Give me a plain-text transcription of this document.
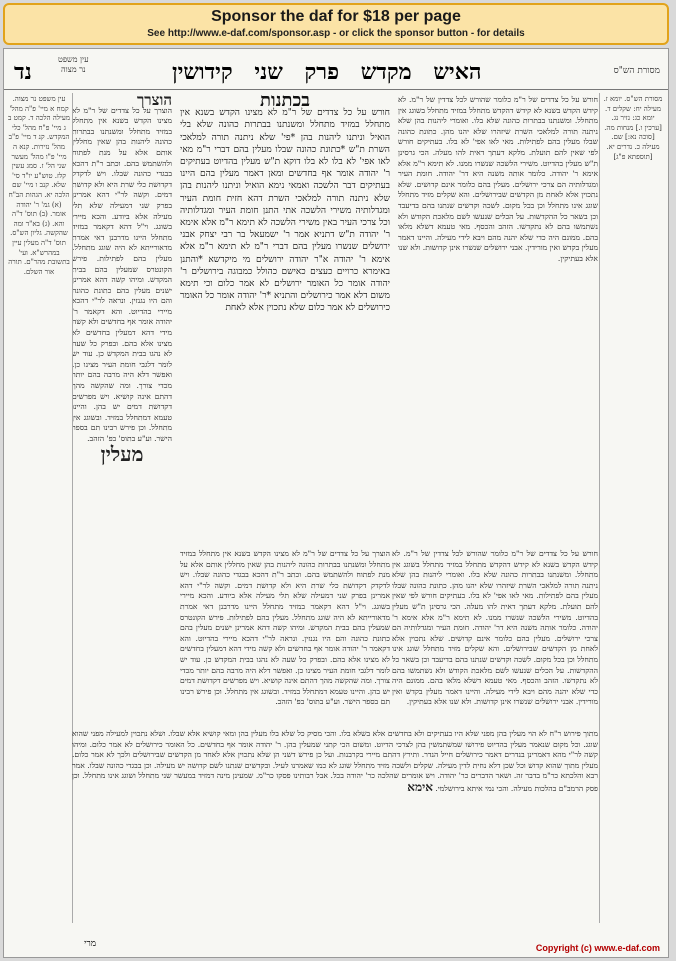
Sponsor the daf for $18 per page
See http://www.e-daf.com/sponsor.asp - or click the sponsor button - for details
מסורת הש"ס
האיש מקדש פרק שני קידושין
עין משפט
נר מצוה
נד
מסורת הש"ס. יומא ז. מעילה יח: שקלים ד. יומא כג: נזיר נג. [ערכין ו.] מנחות מה. [סוכה נא:] שם. מעילה כ. נדרים יא. [תוספתא פ"ג]
חורש על כל צדדים של ר"מ כלומר שהורש לכל צדדין של ר"מ. לא קידש הקדש בשנא לא קידש דהקדש מתחלל במזיד מתחלל בשוגג אין מתחלל. ומשנתנו בבתרות כהונה שלא בלו. ואומרי ליהנות בהן שלא ניתנה תורה למלאכי השרת שיזהרו שלא יהנו מהן. כתונת כהונה שבלו מעלין בהם לפתילות. מאי לאו אפי' לא בלו. בעתיקים חורש לפי שאין להם תועלת. מלקא דעתך דאית להו מעלה. הכי גרסינן ת"ש מעלין בהדיוט. משירי הלשכה שנשרו ממנו. לא תימא ר"מ אלא אימא ר' יהודה. כלומר אותה משנה היא דר' יהודה. חומת העיר ומגדלותיה הם צרכי ירושלים. מעלין בהם כלומר אינם קדושים. שלא נתכוין אלא לאחת מן הקדשים שבירושלים. והא שקלים מזיד מתחלל שוגג אינו מתחלל וכן בכל מקום. לשכה וקדשים שנתנו בהם בדיעבד וכן בשאר כל ההקדשות. על הכלים שנעשו לשם מלאכת הקודש ולא נשתמשו בהם לא נתקדשו. הזהב והכסף. מאי טעמא דשלא מלאו בהם. ממונם היה כדי שלא יהנה מהם ויבא לידי מעילה. והיינו דאמר מעלין בקדש ואין מורידין. אבני ירושלים שנשרו אינן קדושות. ולא שנו אלא בעתיקין.
בכתנות
חורש על כל צדדים של ר"מ לא מצינו הקדש בשנא אין מתחלל במזיד מתחלל ומשנתנו בבתרות כהונה שלא בלי הואיל וניתנו ליהנות בהן *פי' שלא ניתנה תורה למלאכי השרת ת"ש *כתונת כהונה שבלו מעלין בהם דברי ר"מ מאי לאו אפי' לא בלו לא בלו דוקא ת"ש מעלין בהדיוט בעתיקים ר' יהודה אומר אף בחדשים ומאן דאמר מעלין בהם היינו בעתיקים דבר הלשכה ואמאי נימא הואיל וניתנו ליהנות בהן שלא ניתנה תורה למלאכי השרת דהא חזית חומת העיר ומגדלותיה משירי הלשכה אתי התנן חומת העיר ומגדלותיה וכל צרכי העיר באין משירי הלשכה לא תימא ר"מ אלא אימא ר' יהודה ת"ש דתניא אמר ר' ישמעאל בר רבי יצחק אבני ירושלים שנשרו מעלין בהם דברי ר"מ לא תימא ר"מ אלא אימא ר' יהודה א"ר יהודה ירושלים מי מיקדשא *והתנן באימרא כרויים כעצים כאישם כהולל כמבוגה בירושלים ר' יהודה אומר כל האומר ירושלים לא אמר כלום וכי תימא משום דלא אמר כירושלים והתניא *ר' יהודה אומר כל האומר כירושלים לא אמר כלום שלא נתכוין אלא לאחת
הוצרך
הוצרך על כל צדדים של ר"מ לא מצינו הקדש בשנא אין מתחלל במזיד מתחלל ומשנתנו בבתרות כהונה ליהנות בהן שאין מחללין אותם אלא על מנת לפתוח ולהשתמש בהם. וכתב ר"ת דהכא בבגדי כהונה שבלו. ויש לדקדק דקדושת כלי שרת היא ולא קדושת דמים. וקשה לר"י דהא אמרינן בפרק שני דמעילה שלא תלי מעילה אלא ביודע. והכא מיירי בשוגג. וי"ל דהא דקאמר במזיד מתחלל היינו מדרבנן דאי אמרת מדאורייתא לא היה שוגג מתחלל. מעלין בהם לפתילות. פירש הקונטרס שמעלין בהם בבית המקדש. ומיהו קשה דהא אמרינן ישנים מעלין בהם כתונת כהונה והם היו נגנזין. ונראה לר"י דהכא מיירי בהדיוט. והא דקאמר ר' יהודה אומר אף בחדשים ולא קשה מידי דהא דמעלין בחדשים לא מצינו אלא בהם. ובפרק כל שעה לא נהגו בבית המקדש כן. עוד יש לומר דלגבי חומת העיר מצינו כן. ואפשר דלא היה מרבה בהם יותר מכדי צורך. ומה שהקשה מהך דהתם אינה קושיא. ויש מפרשים דקדושת דמים יש בהן. והיינו טעמא דמתחלל במזיד. ובשוגג אין מתחלל. וכן פירש רבינו תם בספר הישר. וע"ע בתוס' בפ' הזהב.
מעלין
עין משפט נר מצוה. קמח א מיי' פ"ה מהל' מעילה הלכה ד. קמט ב ג מיי' פ"ח מהל' כלי המקדש. קנ ד מיי' פ"ב מהל' נזירות. קנא ה מיי' פ"ו מהל' מעשר שני הל' ז. סמג עשין קלז. טוש"ע יו"ד סי' שלא. קנב ו מיי' שם הלכה יא. הגהות הב"ח (א) גמ' ר' יהודה אומר. (ב) תוס' ד"ה והא. (ג) בא"ד ומה שהקשה. גליון הש"ס. תוס' ד"ה מעלין עיין במהרש"א. ועי' בתשובת מהר"ם. תורה אור השלם.
חורש על כל צדדים של ר"מ כלומר שהורש לכל צדדין של ר"מ. לא קידש הקדש בשנא לא קידש דהקדש מתחלל במזיד מתחלל בשוגג אין מתחלל. ומשנתנו בבתרות כהונה שלא בלו. ואומרי ליהנות בהן שלא ניתנה תורה למלאכי השרת שיזהרו שלא יהנו מהן. כתונת כהונה שבלו מעלין בהם לפתילות. מאי לאו אפי' לא בלו. בעתיקים חורש לפי שאין להם תועלת. מלקא דעתך דאית להו מעלה. הכי גרסינן ת"ש מעלין בהדיוט. משירי הלשכה שנשרו ממנו. לא תימא ר"מ אלא אימא ר' יהודה. כלומר אותה משנה היא דר' יהודה. חומת העיר ומגדלותיה הם צרכי ירושלים. מעלין בהם כלומר אינם קדושים. שלא נתכוין אלא לאחת מן הקדשים שבירושלים. והא שקלים מזיד מתחלל שוגג אינו מתחלל וכן בכל מקום. לשכה וקדשים שנתנו בהם בדיעבד וכן בשאר כל ההקדשות. על הכלים שנעשו לשם מלאכת הקודש ולא נשתמשו בהם לא נתקדשו. הזהב והכסף. מאי טעמא דשלא מלאו בהם. ממונם היה כדי שלא יהנה מהם ויבא לידי מעילה. והיינו דאמר מעלין בקדש ואין מורידין. אבני ירושלים שנשרו אינן קדושות. ולא שנו אלא בעתיקין.
הוצרך על כל צדדים של ר"מ לא מצינו הקדש בשנא אין מתחלל במזיד מתחלל ומשנתנו בבתרות כהונה ליהנות בהן שאין מחללין אותם אלא על מנת לפתוח ולהשתמש בהם. וכתב ר"ת דהכא בבגדי כהונה שבלו. ויש לדקדק דקדושת כלי שרת היא ולא קדושת דמים. וקשה לר"י דהא אמרינן בפרק שני דמעילה שלא תלי מעילה אלא ביודע. והכא מיירי בשוגג. וי"ל דהא דקאמר במזיד מתחלל היינו מדרבנן דאי אמרת מדאורייתא לא היה שוגג מתחלל. מעלין בהם לפתילות. פירש הקונטרס שמעלין בהם בבית המקדש. ומיהו קשה דהא אמרינן ישנים מעלין בהם כתונת כהונה והם היו נגנזין. ונראה לר"י דהכא מיירי בהדיוט. והא דקאמר ר' יהודה אומר אף בחדשים ולא קשה מידי דהא דמעלין בחדשים לא מצינו אלא בהם. ובפרק כל שעה לא נהגו בבית המקדש כן. עוד יש לומר דלגבי חומת העיר מצינו כן. ואפשר דלא היה מרבה בהם יותר מכדי צורך. ומה שהקשה מהך דהתם אינה קושיא. ויש מפרשים דקדושת דמים יש בהן. והיינו טעמא דמתחלל במזיד. ובשוגג אין מתחלל. וכן פירש רבינו תם בספר הישר. וע"ע בתוס' בפ' הזהב.
מתוך פירוש ר"ח לא הוי מעלין בהן מפני שלא היו בעתיקים ולא בחדשים אלא בשלא בלו. והכי מסיק כל שלא בלו מעלין בהן ומאי קושיא אלא שבלו. ושלא נתכוין למעילה מפני שהוא שוגג. וכל מקום שנאמר מעלין בהדיוט פירושו שמשתמשין בהן לצרכי הדיוט. ומשום הכי קתני שמעלין בהן. ר' יהודה אומר אף בחדשים. כל האומר כירושלים לא אמר כלום. ומיהו קשה לר"י מהא דאמרינן בנדרים דאמר כירושלים חייל הנדר. ותירץ דהתם מיירי בקרבנות. ועל כן פירש דשני הן שלא נתכוין אלא לאחד מן הקדשים שבירושלים ולכך לא אמר כלום. מעלין מתוך שהוא קדוש וכל שכן דלא נחית לדין מעילה. שקלים ולשכה מזיד מתחלל שוגג לא כמו שאמרנו לעיל. ובקדשים שנתנו לשם קדושה יש מעילה. וכן בבגדי כהונה שבלו. אמר רבא והלכתא כר"מ בדבר זה. ושאר הדברים כר' יהודה. ויש אומרים שהלכה כר' יהודה בכל. אבל רבותינו פסקו כר"מ. שמעינן מינה דמזיד במעשר שני מתחלל ושוגג אינו מתחלל. וכן פסק הרמב"ם בהלכות מעילה. והכי נמי איתא בירושלמי. אימא
מרי	Copyright (c) www.e-daf.com
